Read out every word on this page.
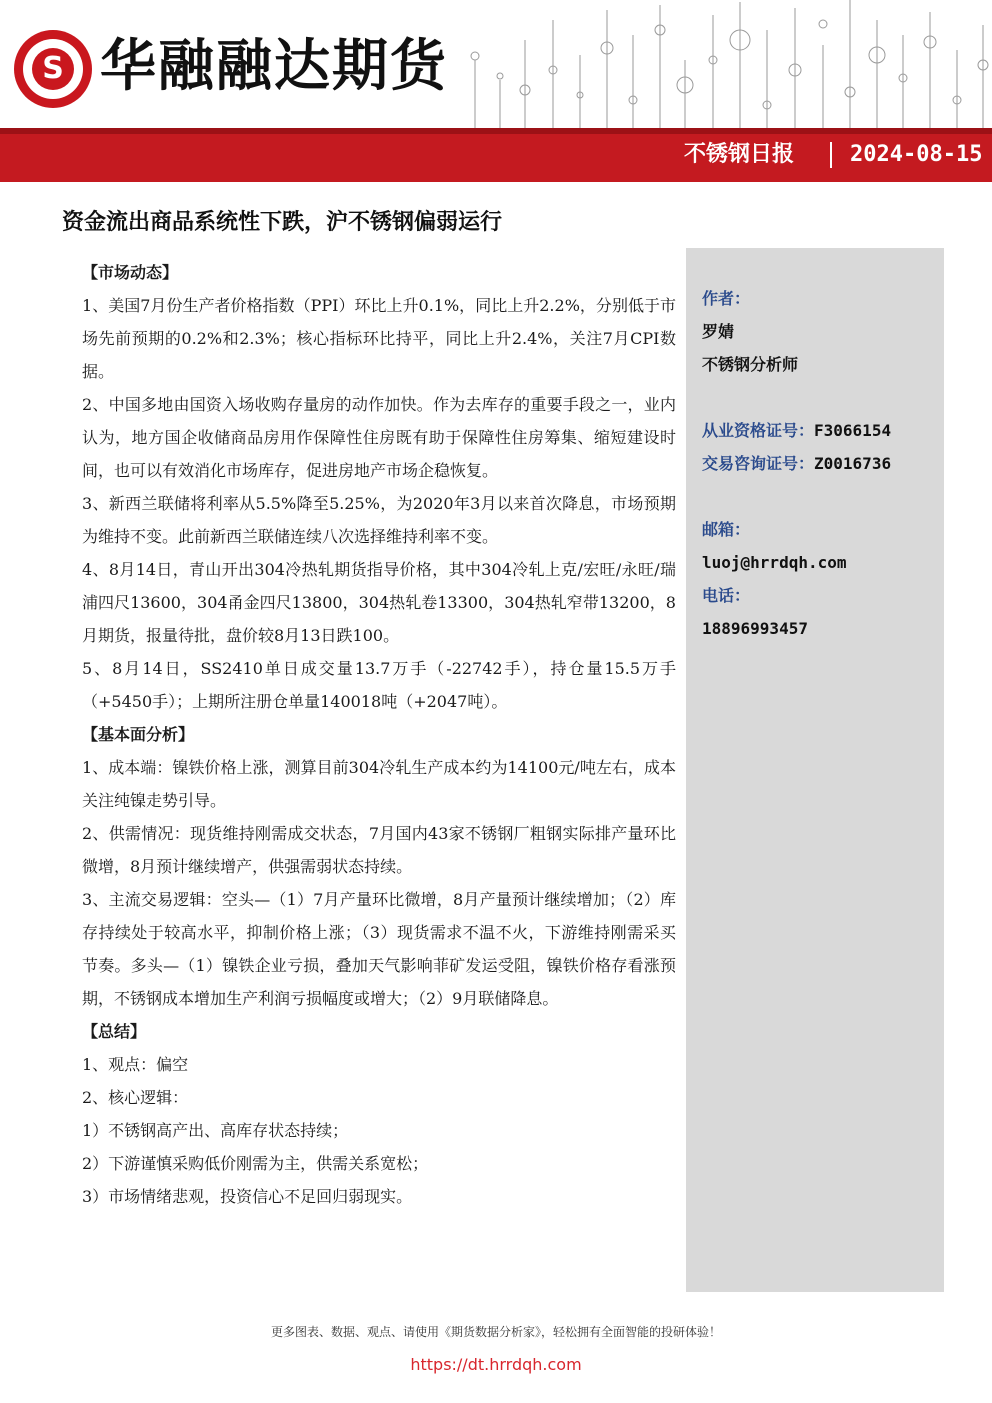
S 华融融达期货
不锈钢日报	2024-08-15
资金流出商品系统性下跌，沪不锈钢偏弱运行

【市场动态】

1、美国7月份生产者价格指数（PPI）环比上升0.1%，同比上升2.2%，分别低于市场先前预期的0.2%和2.3%；核心指标环比持平，同比上升2.4%，关注7月CPI数据。

2、中国多地由国资入场收购存量房的动作加快。作为去库存的重要手段之一，业内认为，地方国企收储商品房用作保障性住房既有助于保障性住房筹集、缩短建设时间，也可以有效消化市场库存，促进房地产市场企稳恢复。

3、新西兰联储将利率从5.5%降至5.25%，为2020年3月以来首次降息，市场预期为维持不变。此前新西兰联储连续八次选择维持利率不变。

4、8月14日，青山开出304冷热轧期货指导价格，其中304冷轧上克/宏旺/永旺/瑞浦四尺13600，304甬金四尺13800，304热轧卷13300，304热轧窄带13200，8月期货，报量待批，盘价较8月13日跌100。

5、8月14日，SS2410单日成交量13.7万手（-22742手），持仓量15.5万手（+5450手）；上期所注册仓单量140018吨（+2047吨）。

【基本面分析】

1、成本端：镍铁价格上涨，测算目前304冷轧生产成本约为14100元/吨左右，成本关注纯镍走势引导。

2、供需情况：现货维持刚需成交状态，7月国内43家不锈钢厂粗钢实际排产量环比微增，8月预计继续增产，供强需弱状态持续。

3、主流交易逻辑：空头—（1）7月产量环比微增，8月产量预计继续增加；（2）库存持续处于较高水平，抑制价格上涨；（3）现货需求不温不火，下游维持刚需采买节奏。多头—（1）镍铁企业亏损，叠加天气影响菲矿发运受阻，镍铁价格存看涨预期，不锈钢成本增加生产利润亏损幅度或增大；（2）9月联储降息。

【总结】

1、观点：偏空

2、核心逻辑：

1）不锈钢高产出、高库存状态持续；

2）下游谨慎采购低价刚需为主，供需关系宽松；

3）市场情绪悲观，投资信心不足回归弱现实。

作者：
罗婧
不锈钢分析师
从业资格证号：F3066154
交易咨询证号：Z0016736
邮箱：
luoj@hrrdqh.com
电话：
18896993457
更多图表、数据、观点、请使用《期货数据分析家》，轻松拥有全面智能的投研体验！
https://dt.hrrdqh.com
